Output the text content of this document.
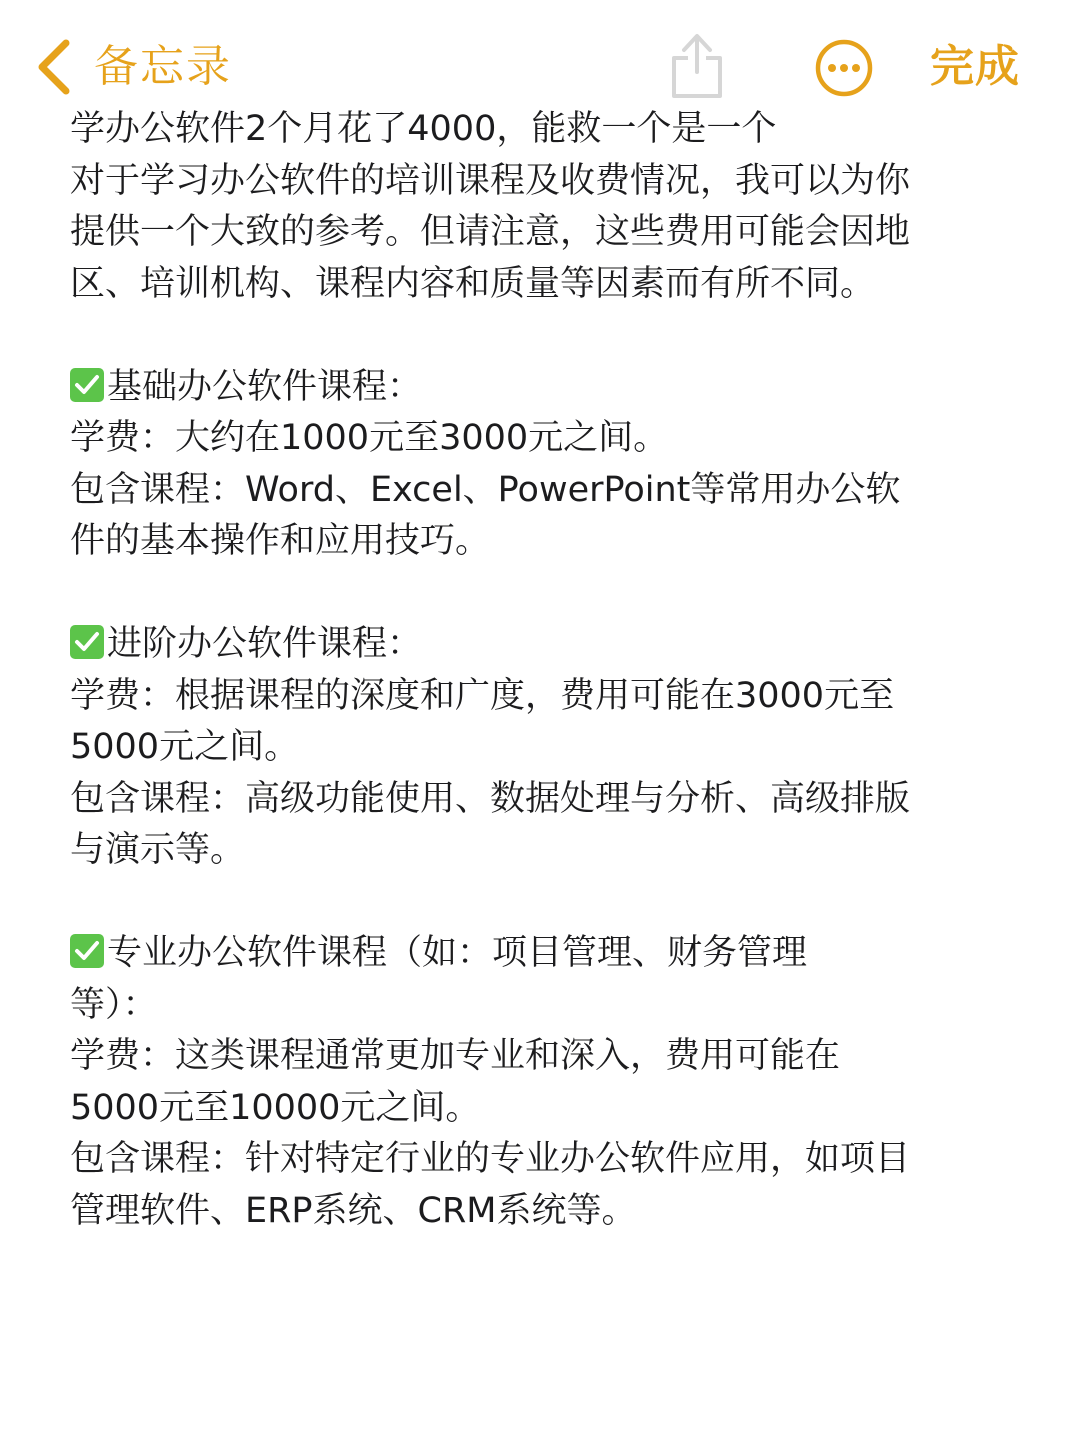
备忘录	完成
学办公软件2个月花了4000，能救一个是一个
对于学习办公软件的培训课程及收费情况，我可以为你
提供一个大致的参考。但请注意，这些费用可能会因地
区、培训机构、课程内容和质量等因素而有所不同。
基础办公软件课程：
学费：大约在1000元至3000元之间。
包含课程：Word、Excel、PowerPoint等常用办公软
件的基本操作和应用技巧。
进阶办公软件课程：
学费：根据课程的深度和广度，费用可能在3000元至
5000元之间。
包含课程：高级功能使用、数据处理与分析、高级排版
与演示等。
专业办公软件课程（如：项目管理、财务管理
等）：
学费：这类课程通常更加专业和深入，费用可能在
5000元至10000元之间。
包含课程：针对特定行业的专业办公软件应用，如项目
管理软件、ERP系统、CRM系统等。
